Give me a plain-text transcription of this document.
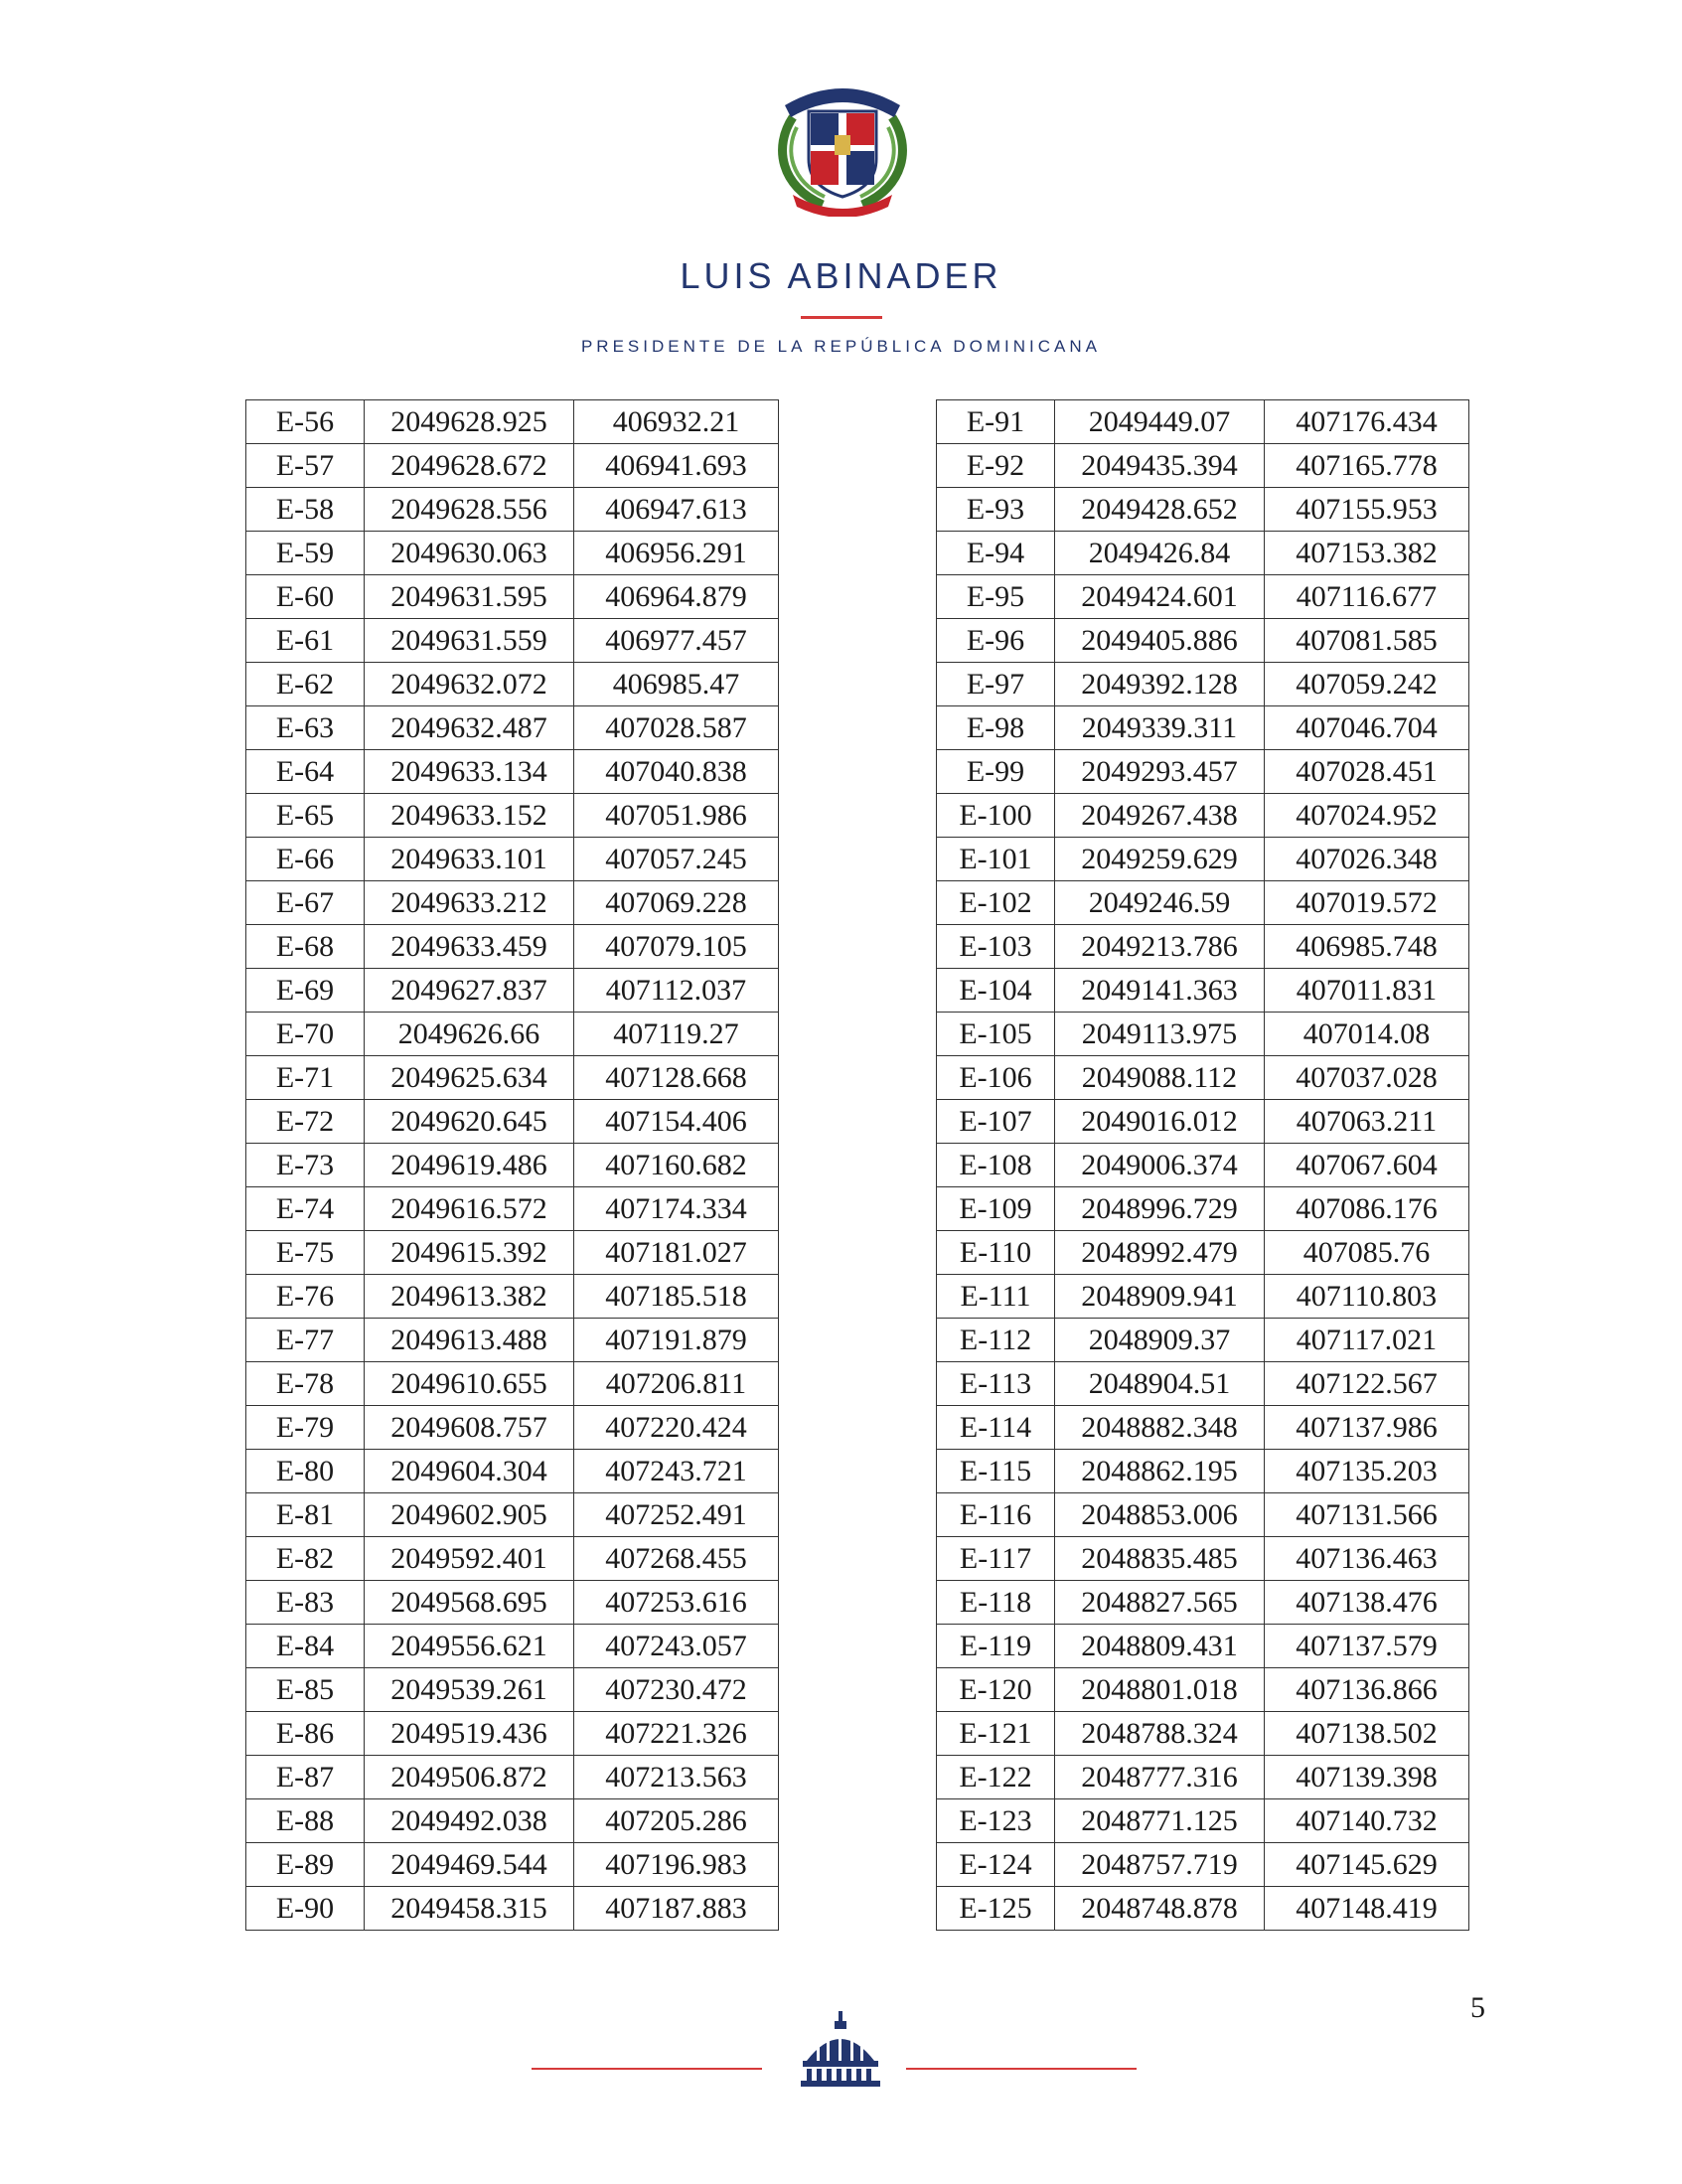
LUIS ABINADER
PRESIDENTE DE LA REPÚBLICA DOMINICANA
E-56	2049628.925	406932.21
E-57	2049628.672	406941.693
E-58	2049628.556	406947.613
E-59	2049630.063	406956.291
E-60	2049631.595	406964.879
E-61	2049631.559	406977.457
E-62	2049632.072	406985.47
E-63	2049632.487	407028.587
E-64	2049633.134	407040.838
E-65	2049633.152	407051.986
E-66	2049633.101	407057.245
E-67	2049633.212	407069.228
E-68	2049633.459	407079.105
E-69	2049627.837	407112.037
E-70	2049626.66	407119.27
E-71	2049625.634	407128.668
E-72	2049620.645	407154.406
E-73	2049619.486	407160.682
E-74	2049616.572	407174.334
E-75	2049615.392	407181.027
E-76	2049613.382	407185.518
E-77	2049613.488	407191.879
E-78	2049610.655	407206.811
E-79	2049608.757	407220.424
E-80	2049604.304	407243.721
E-81	2049602.905	407252.491
E-82	2049592.401	407268.455
E-83	2049568.695	407253.616
E-84	2049556.621	407243.057
E-85	2049539.261	407230.472
E-86	2049519.436	407221.326
E-87	2049506.872	407213.563
E-88	2049492.038	407205.286
E-89	2049469.544	407196.983
E-90	2049458.315	407187.883
E-91	2049449.07	407176.434
E-92	2049435.394	407165.778
E-93	2049428.652	407155.953
E-94	2049426.84	407153.382
E-95	2049424.601	407116.677
E-96	2049405.886	407081.585
E-97	2049392.128	407059.242
E-98	2049339.311	407046.704
E-99	2049293.457	407028.451
E-100	2049267.438	407024.952
E-101	2049259.629	407026.348
E-102	2049246.59	407019.572
E-103	2049213.786	406985.748
E-104	2049141.363	407011.831
E-105	2049113.975	407014.08
E-106	2049088.112	407037.028
E-107	2049016.012	407063.211
E-108	2049006.374	407067.604
E-109	2048996.729	407086.176
E-110	2048992.479	407085.76
E-111	2048909.941	407110.803
E-112	2048909.37	407117.021
E-113	2048904.51	407122.567
E-114	2048882.348	407137.986
E-115	2048862.195	407135.203
E-116	2048853.006	407131.566
E-117	2048835.485	407136.463
E-118	2048827.565	407138.476
E-119	2048809.431	407137.579
E-120	2048801.018	407136.866
E-121	2048788.324	407138.502
E-122	2048777.316	407139.398
E-123	2048771.125	407140.732
E-124	2048757.719	407145.629
E-125	2048748.878	407148.419
5
